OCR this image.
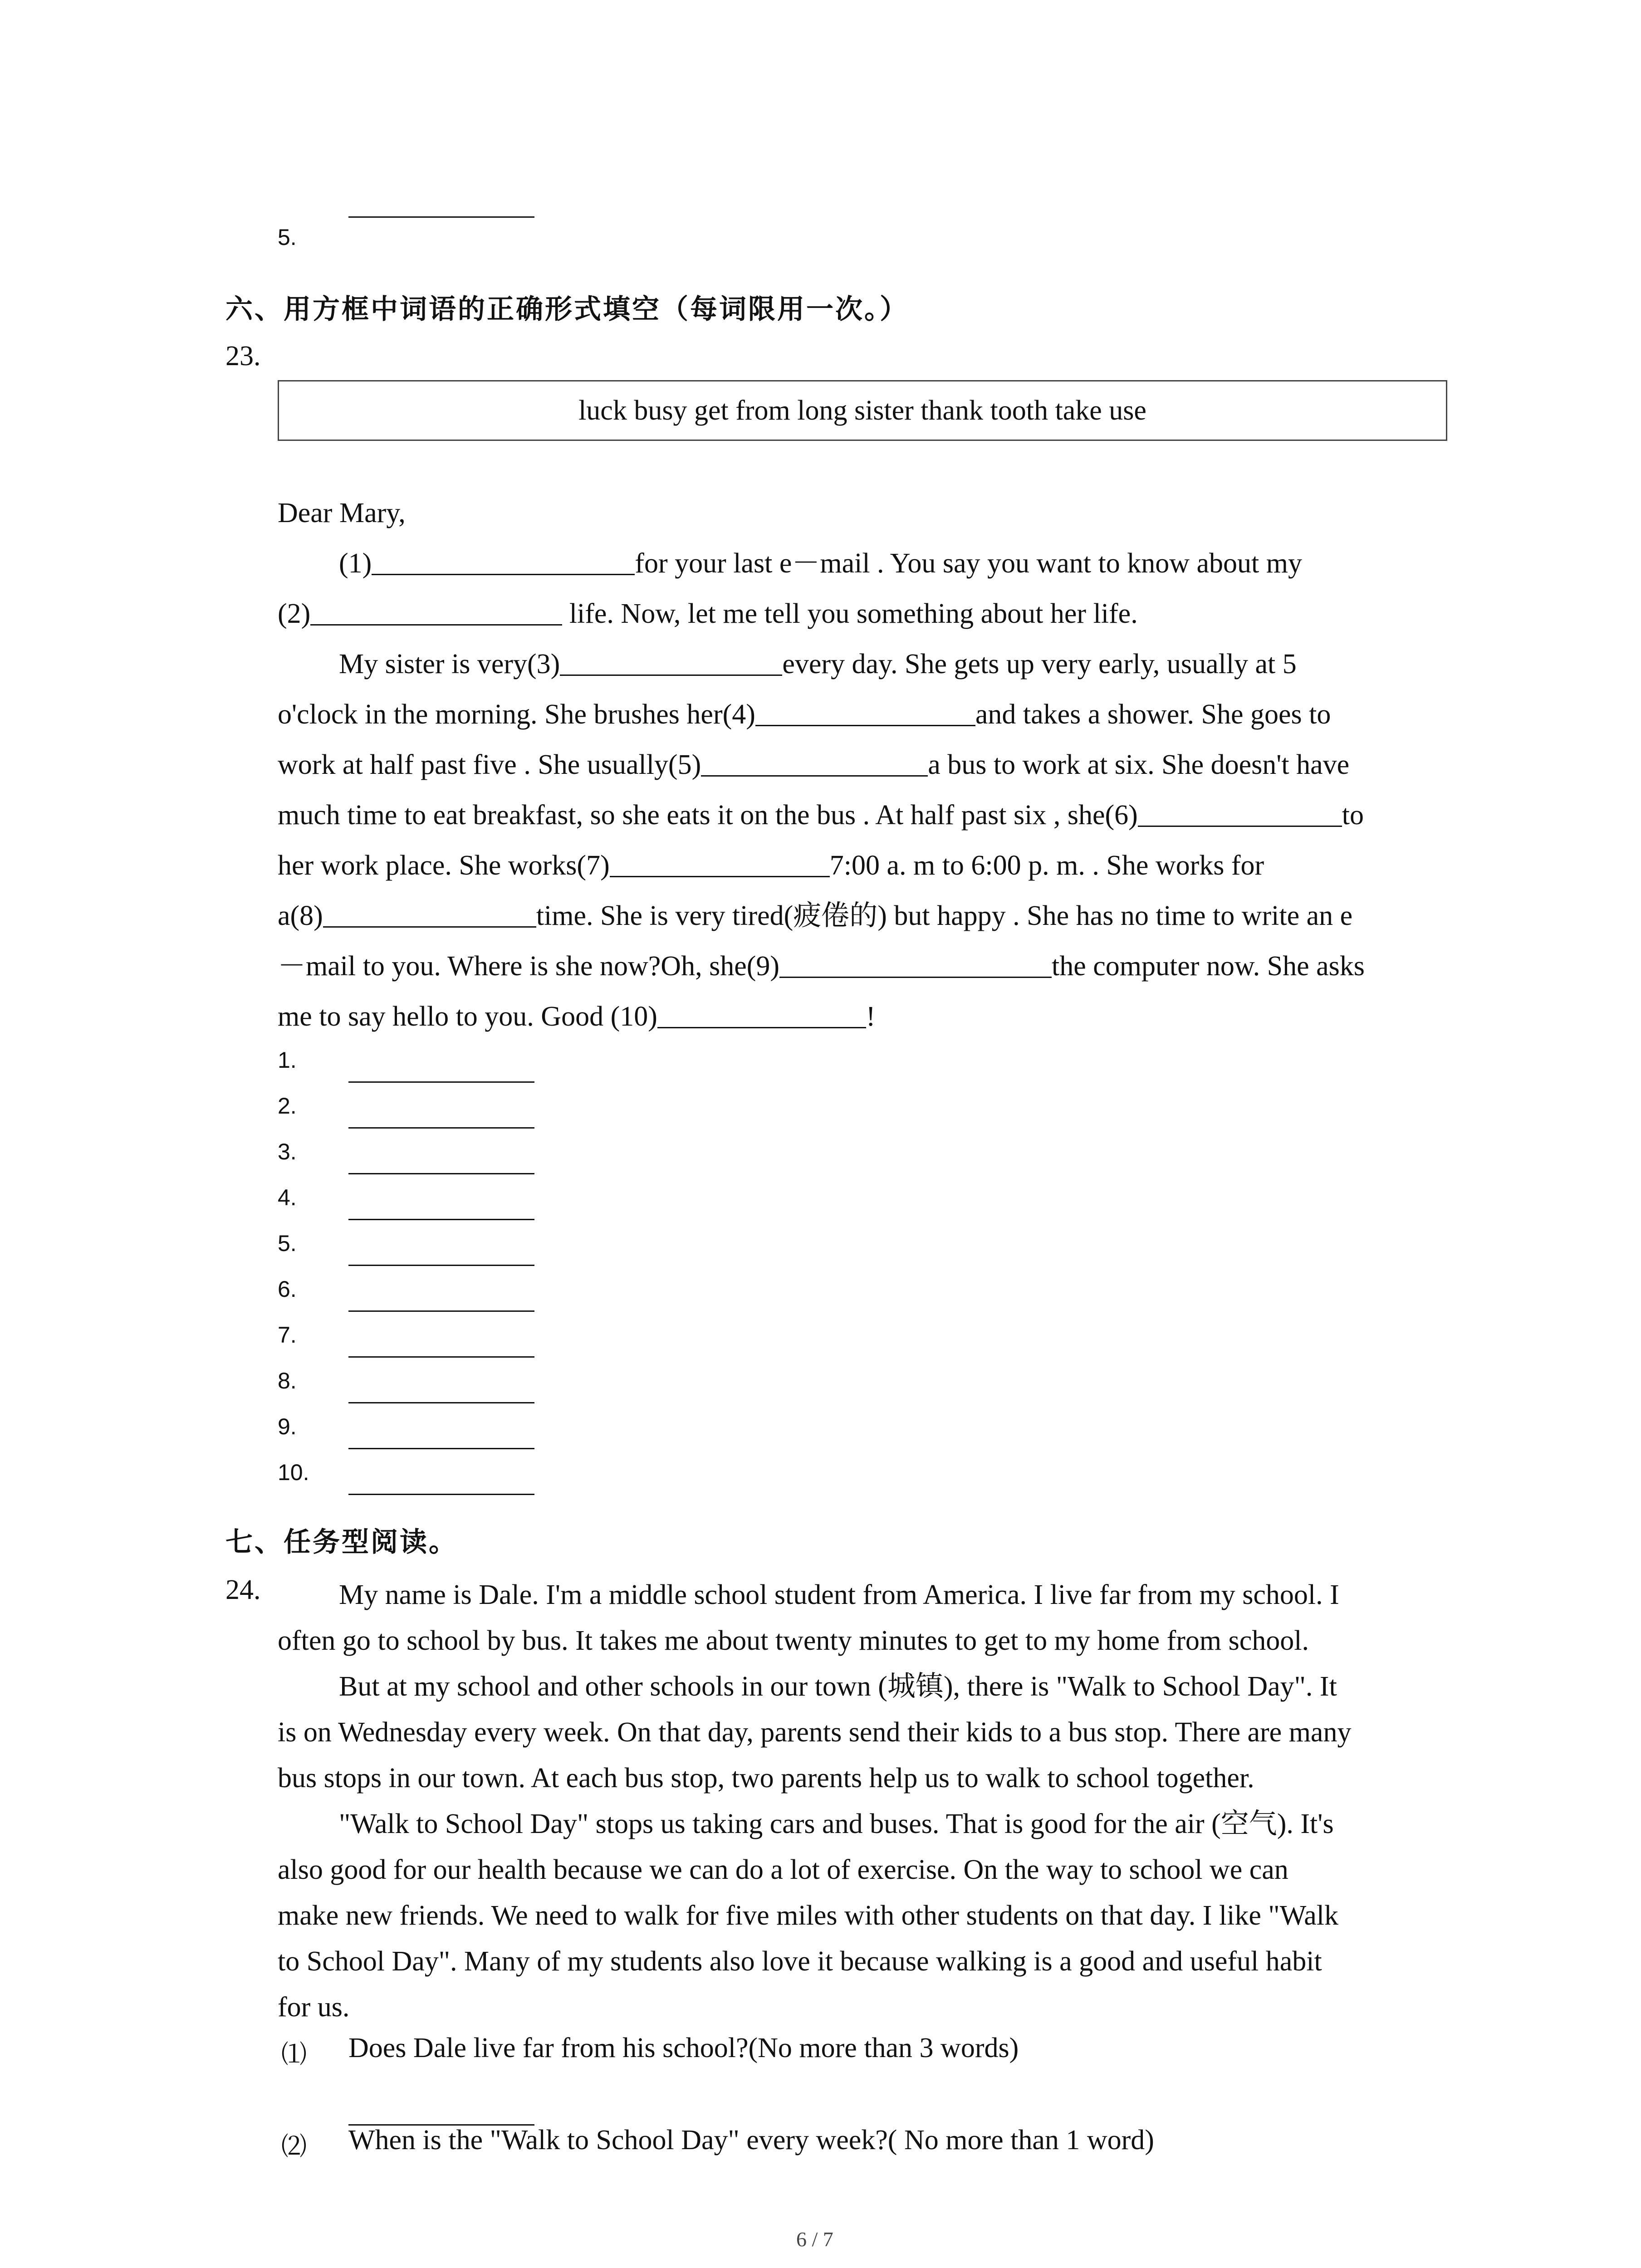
5.
六、用方框中词语的正确形式填空（每词限用一次。）
23.
luck busy get from long sister thank tooth take use

Dear Mary,

(1)	for your last e－mail . You say you want to know about my

(2)	life. Now, let me tell you something about her life.

My sister is very(3)	every day. She gets up very early, usually at 5

o'clock in the morning. She brushes her(4)	and takes a shower. She goes to

work at half past five . She usually(5)	a bus to work at six. She doesn't have

much time to eat breakfast, so she eats it on the bus . At half past six , she(6)	to

her work place. She works(7)	7:00 a. m to 6:00 p. m. . She works for

a(8)	time. She is very tired(疲倦的) but happy . She has no time to write an e

－mail to you. Where is she now?Oh, she(9)	the computer now. She asks

me to say hello to you. Good (10)	!

1.
2.
3.
4.
5.
6.
7.
8.
9.
10.
七、任务型阅读。
24.	My name is Dale. I'm a middle school student from America. I live far from my school. I

often go to school by bus. It takes me about twenty minutes to get to my home from school.

But at my school and other schools in our town (城镇), there is "Walk to School Day". It

is on Wednesday every week. On that day, parents send their kids to a bus stop. There are many

bus stops in our town. At each bus stop, two parents help us to walk to school together.

"Walk to School Day" stops us taking cars and buses. That is good for the air (空气). It's

also good for our health because we can do a lot of exercise. On the way to school we can

make new friends. We need to walk for five miles with other students on that day. I like "Walk

to School Day". Many of my students also love it because walking is a good and useful habit

for us.

⑴ Does Dale live far from his school?(No more than 3 words)
⑵ When is the "Walk to School Day" every week?( No more than 1 word)
6 / 7
